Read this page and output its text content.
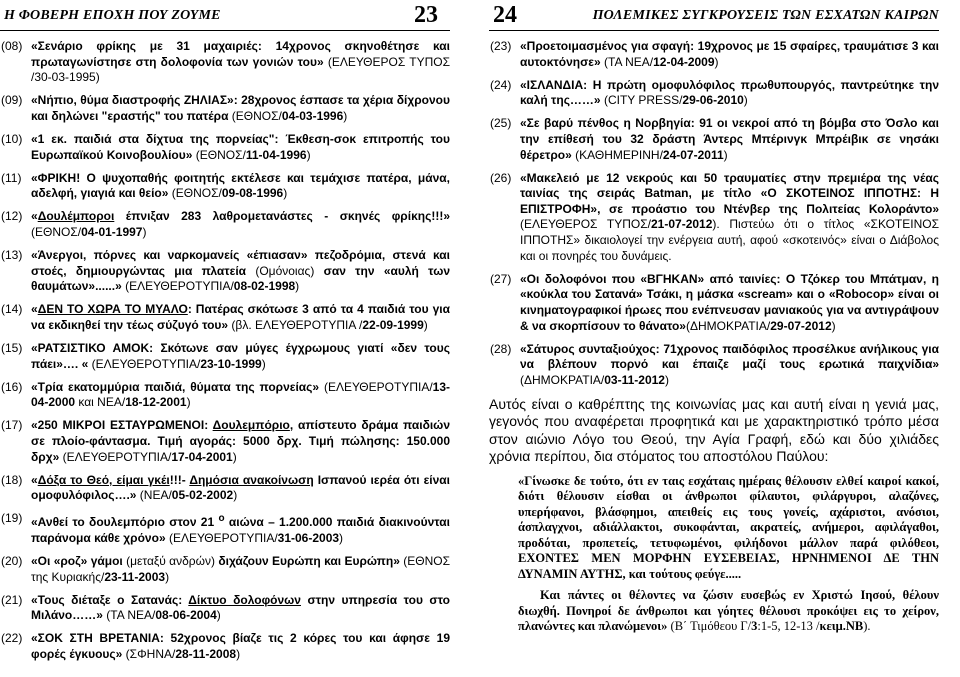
Η ΦΟΒΕΡΗ ΕΠΟΧΗ ΠΟΥ ΖΟΥΜΕ	23
(08) «Σενάριο φρίκης με 31 μαχαιριές: 14χρονος σκηνοθέτησε και πρωταγωνίστησε στη δολοφονία των γονιών του» (ΕΛΕΥΘΕΡΟΣ ΤΥΠΟΣ /30-03-1995)
(09) «Νήπιο, θύμα διαστροφής ΖΗΛΙΑΣ»: 28χρονος έσπασε τα χέρια δίχρονου και δηλώνει "εραστής" του πατέρα (ΕΘΝΟΣ/04-03-1996)
(10) «1 εκ. παιδιά στα δίχτυα της πορνείας": Έκθεση-σοκ επιτροπής του Ευρωπαϊκού Κοινοβουλίου» (ΕΘΝΟΣ/11-04-1996)
(11) «ΦΡΙΚΗ! Ο ψυχοπαθής φοιτητής εκτέλεσε και τεμάχισε πατέρα, μάνα, αδελφή, γιαγιά και θείο» (ΕΘΝΟΣ/09-08-1996)
(12) «Δουλέμποροι έπνιξαν 283 λαθρομετανάστες - σκηνές φρίκης!!!» (ΕΘΝΟΣ/04-01-1997)
(13) «Άνεργοι, πόρνες και ναρκομανείς «έπιασαν» πεζοδρόμια, στενά και στοές, δημιουργώντας μια πλατεία (Ομόνοιας) σαν την «αυλή των θαυμάτων»......» (ΕΛΕΥΘΕΡΟΤΥΠΙΑ/08-02-1998)
(14) «ΔΕΝ ΤΟ ΧΩΡΑ ΤΟ ΜΥΑΛΟ: Πατέρας σκότωσε 3 από τα 4 παιδιά του για να εκδικηθεί την τέως σύζυγό του» (βλ. ΕΛΕΥΘΕΡΟΤΥΠΙΑ /22-09-1999)
(15) «ΡΑΤΣΙΣΤΙΚΟ ΑΜΟΚ: Σκότωνε σαν μύγες έγχρωμους γιατί «δεν τους πάει»…. « (ΕΛΕΥΘΕΡΟΤΥΠΙΑ/23-10-1999)
(16) «Τρία εκατομμύρια παιδιά, θύματα της πορνείας» (ΕΛΕΥΘΕΡΟΤΥΠΙΑ/13-04-2000 και ΝΕΑ/18-12-2001)
(17) «250 ΜΙΚΡΟΙ ΕΣΤΑΥΡΩΜΕΝΟΙ: Δουλεμπόριο, απίστευτο δράμα παιδιών σε πλοίο-φάντασμα. Τιμή αγοράς: 5000 δρχ. Τιμή πώλησης: 150.000 δρχ» (ΕΛΕΥΘΕΡΟΤΥΠΙΑ/17-04-2001)
(18) «Δόξα το Θεό, είμαι γκέι!!!- Δημόσια ανακοίνωση Ισπανού ιερέα ότι είναι ομοφυλόφιλος….» (ΝΕΑ/05-02-2002)
(19) «Ανθεί το δουλεμπόριο στον 21 $^o$ αιώνα – 1.200.000 παιδιά διακινούνται παράνομα κάθε χρόνο» (ΕΛΕΥΘΕΡΟΤΥΠΙΑ/31-06-2003)
(20) «Οι «ροζ» γάμοι (μεταξύ ανδρών) διχάζουν Ευρώπη και Ευρώπη» (ΕΘΝΟΣ της Κυριακής/23-11-2003)
(21) «Τους διέταξε ο Σατανάς: Δίκτυο δολοφόνων στην υπηρεσία του στο Μιλάνο……» (ΤΑ ΝΕΑ/08-06-2004)
(22) «ΣΟΚ ΣΤΗ ΒΡΕΤΑΝΙΑ: 52χρονος βίαζε τις 2 κόρες του και άφησε 19 φορές έγκυους» (ΣΦΗΝΑ/28-11-2008)
24	ΠΟΛΕΜΙΚΕΣ ΣΥΓΚΡΟΥΣΕΙΣ ΤΩΝ ΕΣΧΑΤΩΝ ΚΑΙΡΩΝ
(23) «Προετοιμασμένος για σφαγή: 19χρονος με 15 σφαίρες, τραυμάτισε 3 και αυτοκτόνησε» (ΤΑ ΝΕΑ/12-04-2009)
(24) «ΙΣΛΑΝΔΙΑ: Η πρώτη ομοφυλόφιλος πρωθυπουργός, παντρεύτηκε την καλή της……» (CITY PRESS/29-06-2010)
(25) «Σε βαρύ πένθος η Νορβηγία: 91 οι νεκροί από τη βόμβα στο Όσλο και την επίθεσή του 32 δράστη Άντερς Μπέρινγκ Μπρέιβικ σε νησάκι θέρετρο» (ΚΑΘΗΜΕΡΙΝΗ/24-07-2011)
(26) «Μακελειό με 12 νεκρούς και 50 τραυματίες στην πρεμιέρα της νέας ταινίας της σειράς Batman, με τίτλο «Ο ΣΚΟΤΕΙΝΟΣ ΙΠΠΟΤΗΣ: Η ΕΠΙΣΤΡΟΦΗ», σε προάστιο του Ντένβερ της Πολιτείας Κολοράντο» (ΕΛΕΥΘΕΡΟΣ ΤΥΠΟΣ/21-07-2012). Πιστεύω ότι ο τίτλος «ΣΚΟΤΕΙΝΟΣ ΙΠΠΟΤΗΣ» δικαιολογεί την ενέργεια αυτή, αφού «σκοτεινός» είναι ο Διάβολος και οι πονηρές του δυνάμεις.
(27) «Οι δολοφόνοι που «ΒΓΗΚΑΝ» από ταινίες: Ο Τζόκερ του Μπάτμαν, η «κούκλα του Σατανά» Τσάκι, η μάσκα «scream» και ο «Robocop» είναι οι κινηματογραφικοί ήρωες που ενέπνευσαν μανιακούς για να αντιγράψουν & να σκορπίσουν το θάνατο»(ΔΗΜΟΚΡΑΤΙΑ/29-07-2012)
(28) «Σάτυρος συνταξιούχος: 71χρονος παιδόφιλος προσέλκυε ανήλικους για να βλέπουν πορνό και έπαιζε μαζί τους ερωτικά παιχνίδια» (ΔΗΜΟΚΡΑΤΙΑ/03-11-2012)
Αυτός είναι ο καθρέπτης της κοινωνίας μας και αυτή είναι η γενιά μας, γεγονός που αναφέρεται προφητικά και με χαρακτηριστικό τρόπο μέσα στον αιώνιο Λόγο του Θεού, την Αγία Γραφή, εδώ και δύο χιλιάδες χρόνια περίπου, δια στόματος του αποστόλου Παύλου:

«Γίνωσκε δε τούτο, ότι εν ταις εσχάταις ημέραις θέλουσιν ελθεί καιροί κακοί, διότι θέλουσιν είσθαι οι άνθρωποι φίλαυτοι, φιλάργυροι, αλαζόνες, υπερήφανοι, βλάσφημοι, απειθείς εις τους γονείς, αχάριστοι, ανόσιοι, άσπλαγχνοι, αδιάλλακτοι, συκοφάνται, ακρατείς, ανήμεροι, αφιλάγαθοι, προδόται, προπετείς, τετυφωμένοι, φιλήδονοι μάλλον παρά φιλόθεοι, ΕΧΟΝΤΕΣ ΜΕΝ ΜΟΡΦΗΝ ΕΥΣΕΒΕΙΑΣ, ΗΡΝΗΜΕΝΟΙ ΔΕ ΤΗΝ ΔΥΝΑΜΙΝ ΑΥΤΗΣ, και τούτους φεύγε.....

Και πάντες οι θέλοντες να ζώσιν ευσεβώς εν Χριστώ Ιησού, θέλουν διωχθή. Πονηροί δε άνθρωποι και γόητες θέλουσι προκόψει εις το χείρον, πλανώντες και πλανώμενοι» (Β΄ Τιμόθεου Γ/3:1-5, 12-13 /κειμ.ΝΒ).
